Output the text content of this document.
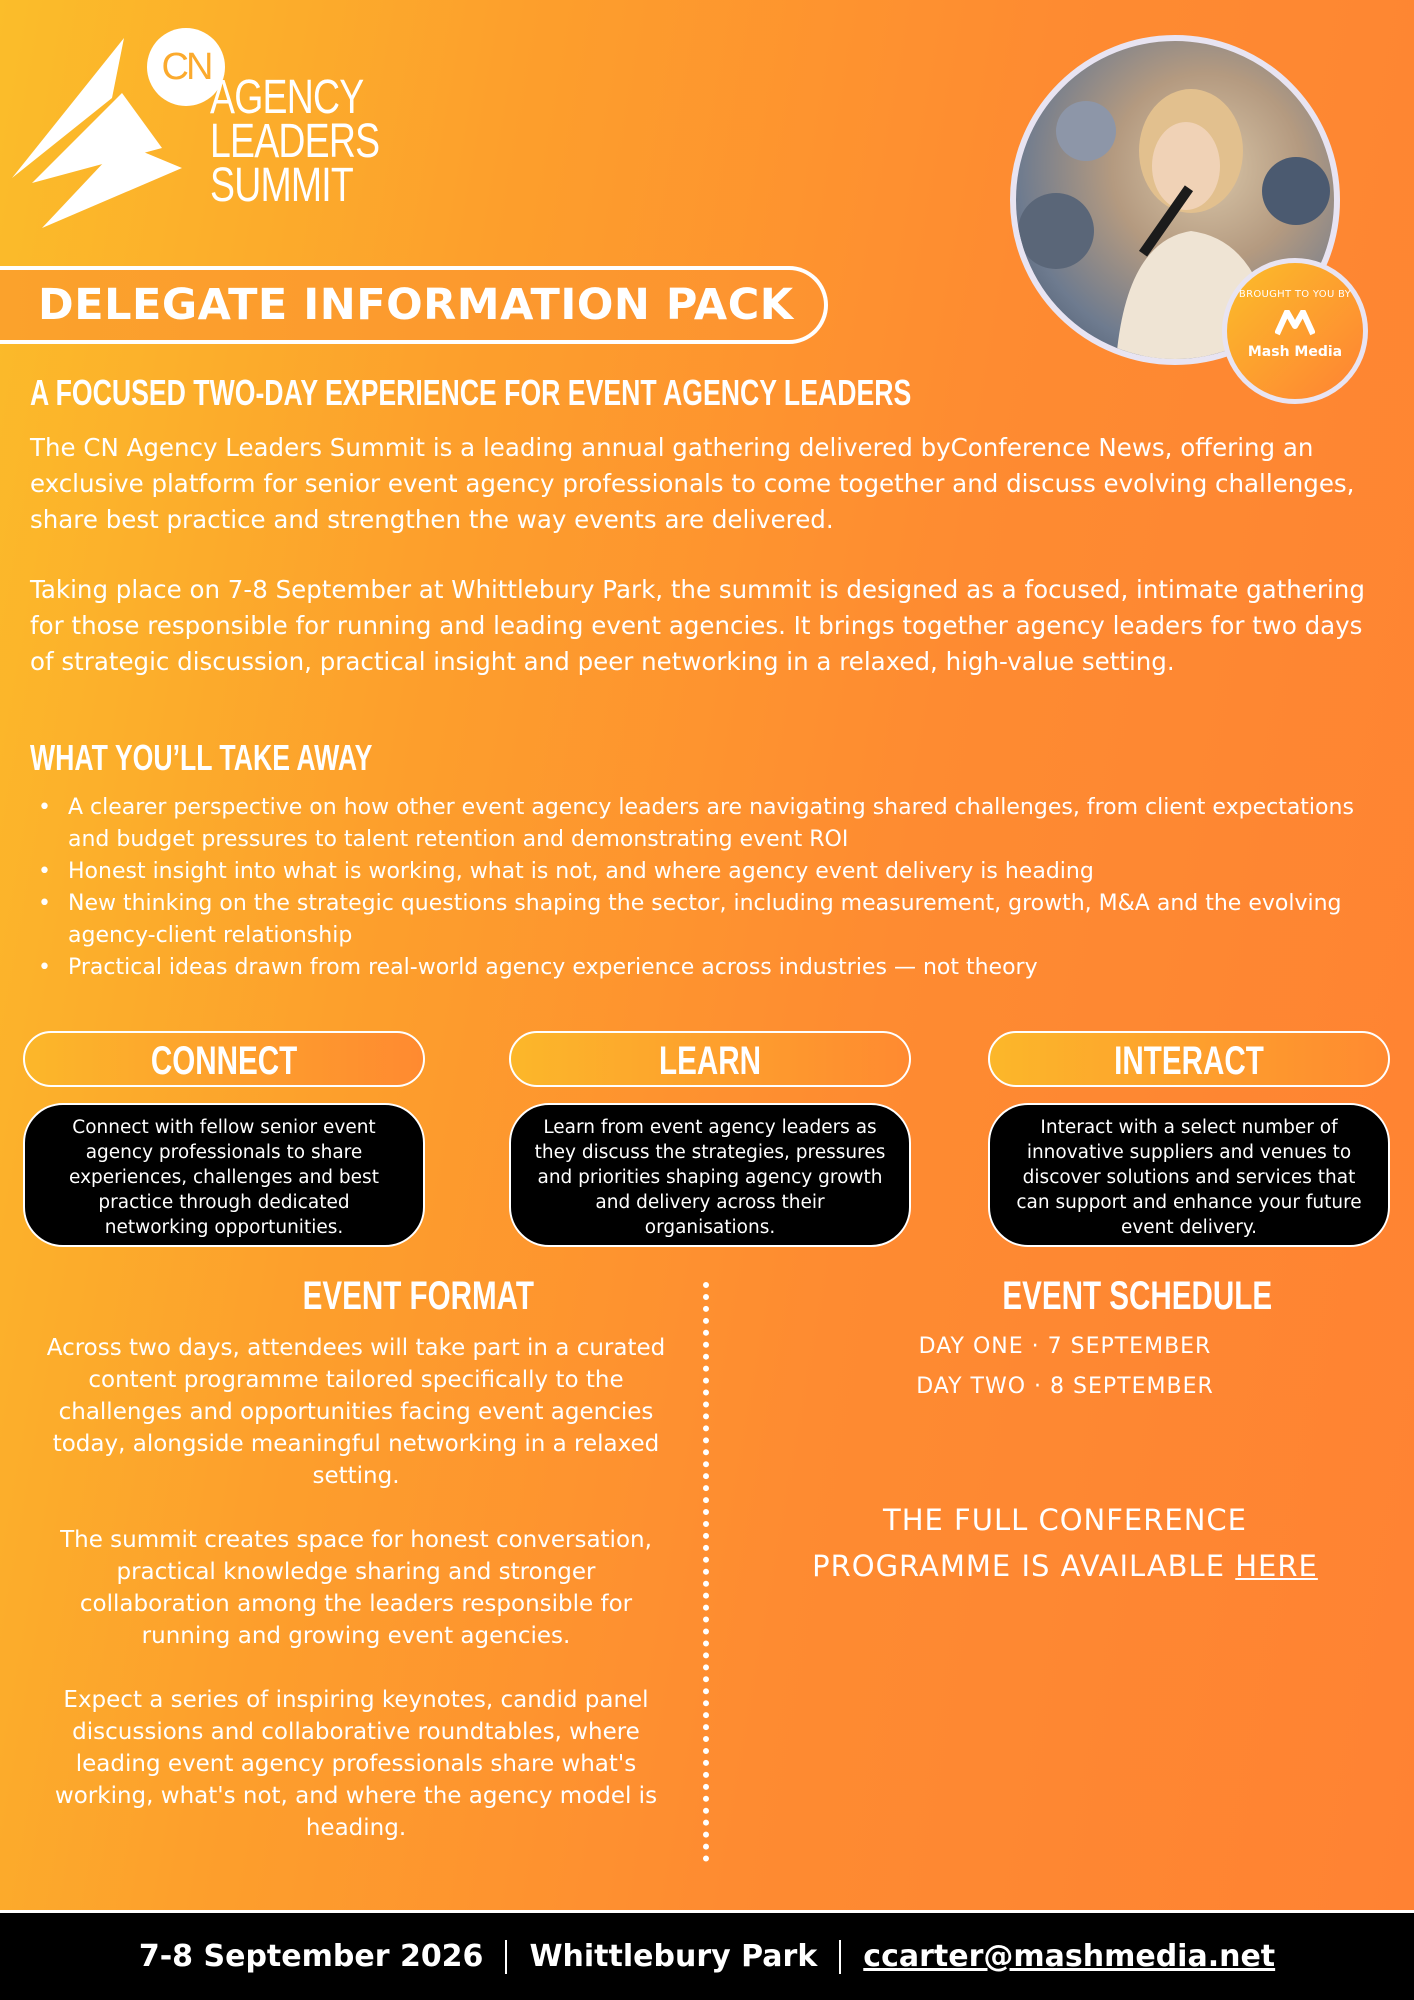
CN
AGENCY
LEADERS
SUMMIT
BROUGHT TO YOU BY
Mash Media
DELEGATE INFORMATION PACK
A FOCUSED TWO-DAY EXPERIENCE FOR EVENT AGENCY LEADERS
The CN Agency Leaders Summit is a leading annual gathering delivered byConference News, offering an exclusive platform for senior event agency professionals to come together and discuss evolving challenges, share best practice and strengthen the way events are delivered.
Taking place on 7-8 September at Whittlebury Park, the summit is designed as a focused, intimate gathering for those responsible for running and leading event agencies. It brings together agency leaders for two days of strategic discussion, practical insight and peer networking in a relaxed, high-value setting.
WHAT YOU’LL TAKE AWAY
• A clearer perspective on how other event agency leaders are navigating shared challenges, from client expectations and budget pressures to talent retention and demonstrating event ROI
• Honest insight into what is working, what is not, and where agency event delivery is heading
• New thinking on the strategic questions shaping the sector, including measurement, growth, M&A and the evolving agency-client relationship
• Practical ideas drawn from real-world agency experience across industries — not theory
CONNECT	LEARN	INTERACT
Connect with fellow senior event agency professionals to share experiences, challenges and best practice through dedicated networking opportunities.
Learn from event agency leaders as they discuss the strategies, pressures and priorities shaping agency growth and delivery across their organisations.
Interact with a select number of innovative suppliers and venues to discover solutions and services that can support and enhance your future event delivery.
EVENT FORMAT
Across two days, attendees will take part in a curated content programme tailored specifically to the challenges and opportunities facing event agencies today, alongside meaningful networking in a relaxed setting.
The summit creates space for honest conversation, practical knowledge sharing and stronger collaboration among the leaders responsible for running and growing event agencies.
Expect a series of inspiring keynotes, candid panel discussions and collaborative roundtables, where leading event agency professionals share what's working, what's not, and where the agency model is heading.
EVENT SCHEDULE
DAY ONE · 7 SEPTEMBER
DAY TWO · 8 SEPTEMBER
THE FULL CONFERENCE
PROGRAMME IS AVAILABLE HERE
7-8 September 2026 Whittlebury Park ccarter@mashmedia.net
